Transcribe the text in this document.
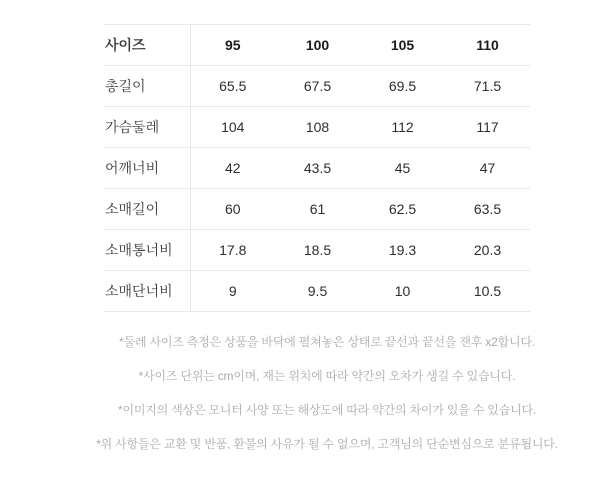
사이즈	95	100	105	110
총길이	65.5	67.5	69.5	71.5
가슴둘레	104	108	112	117
어깨너비	42	43.5	45	47
소매길이	60	61	62.5	63.5
소매통너비	17.8	18.5	19.3	20.3
소매단너비	9	9.5	10	10.5

*둘레 사이즈 측정은 상품을 바닥에 펼쳐놓은 상태로 끝선과 끝선을 잰후 x2합니다.

*사이즈 단위는 cm이며, 재는 위치에 따라 약간의 오차가 생길 수 있습니다.

*이미지의 색상은 모니터 사양 또는 해상도에 따라 약간의 차이가 있을 수 있습니다.

*위 사항들은 교환 및 반품, 환불의 사유가 될 수 없으며, 고객님의 단순변심으로 분류됩니다.
